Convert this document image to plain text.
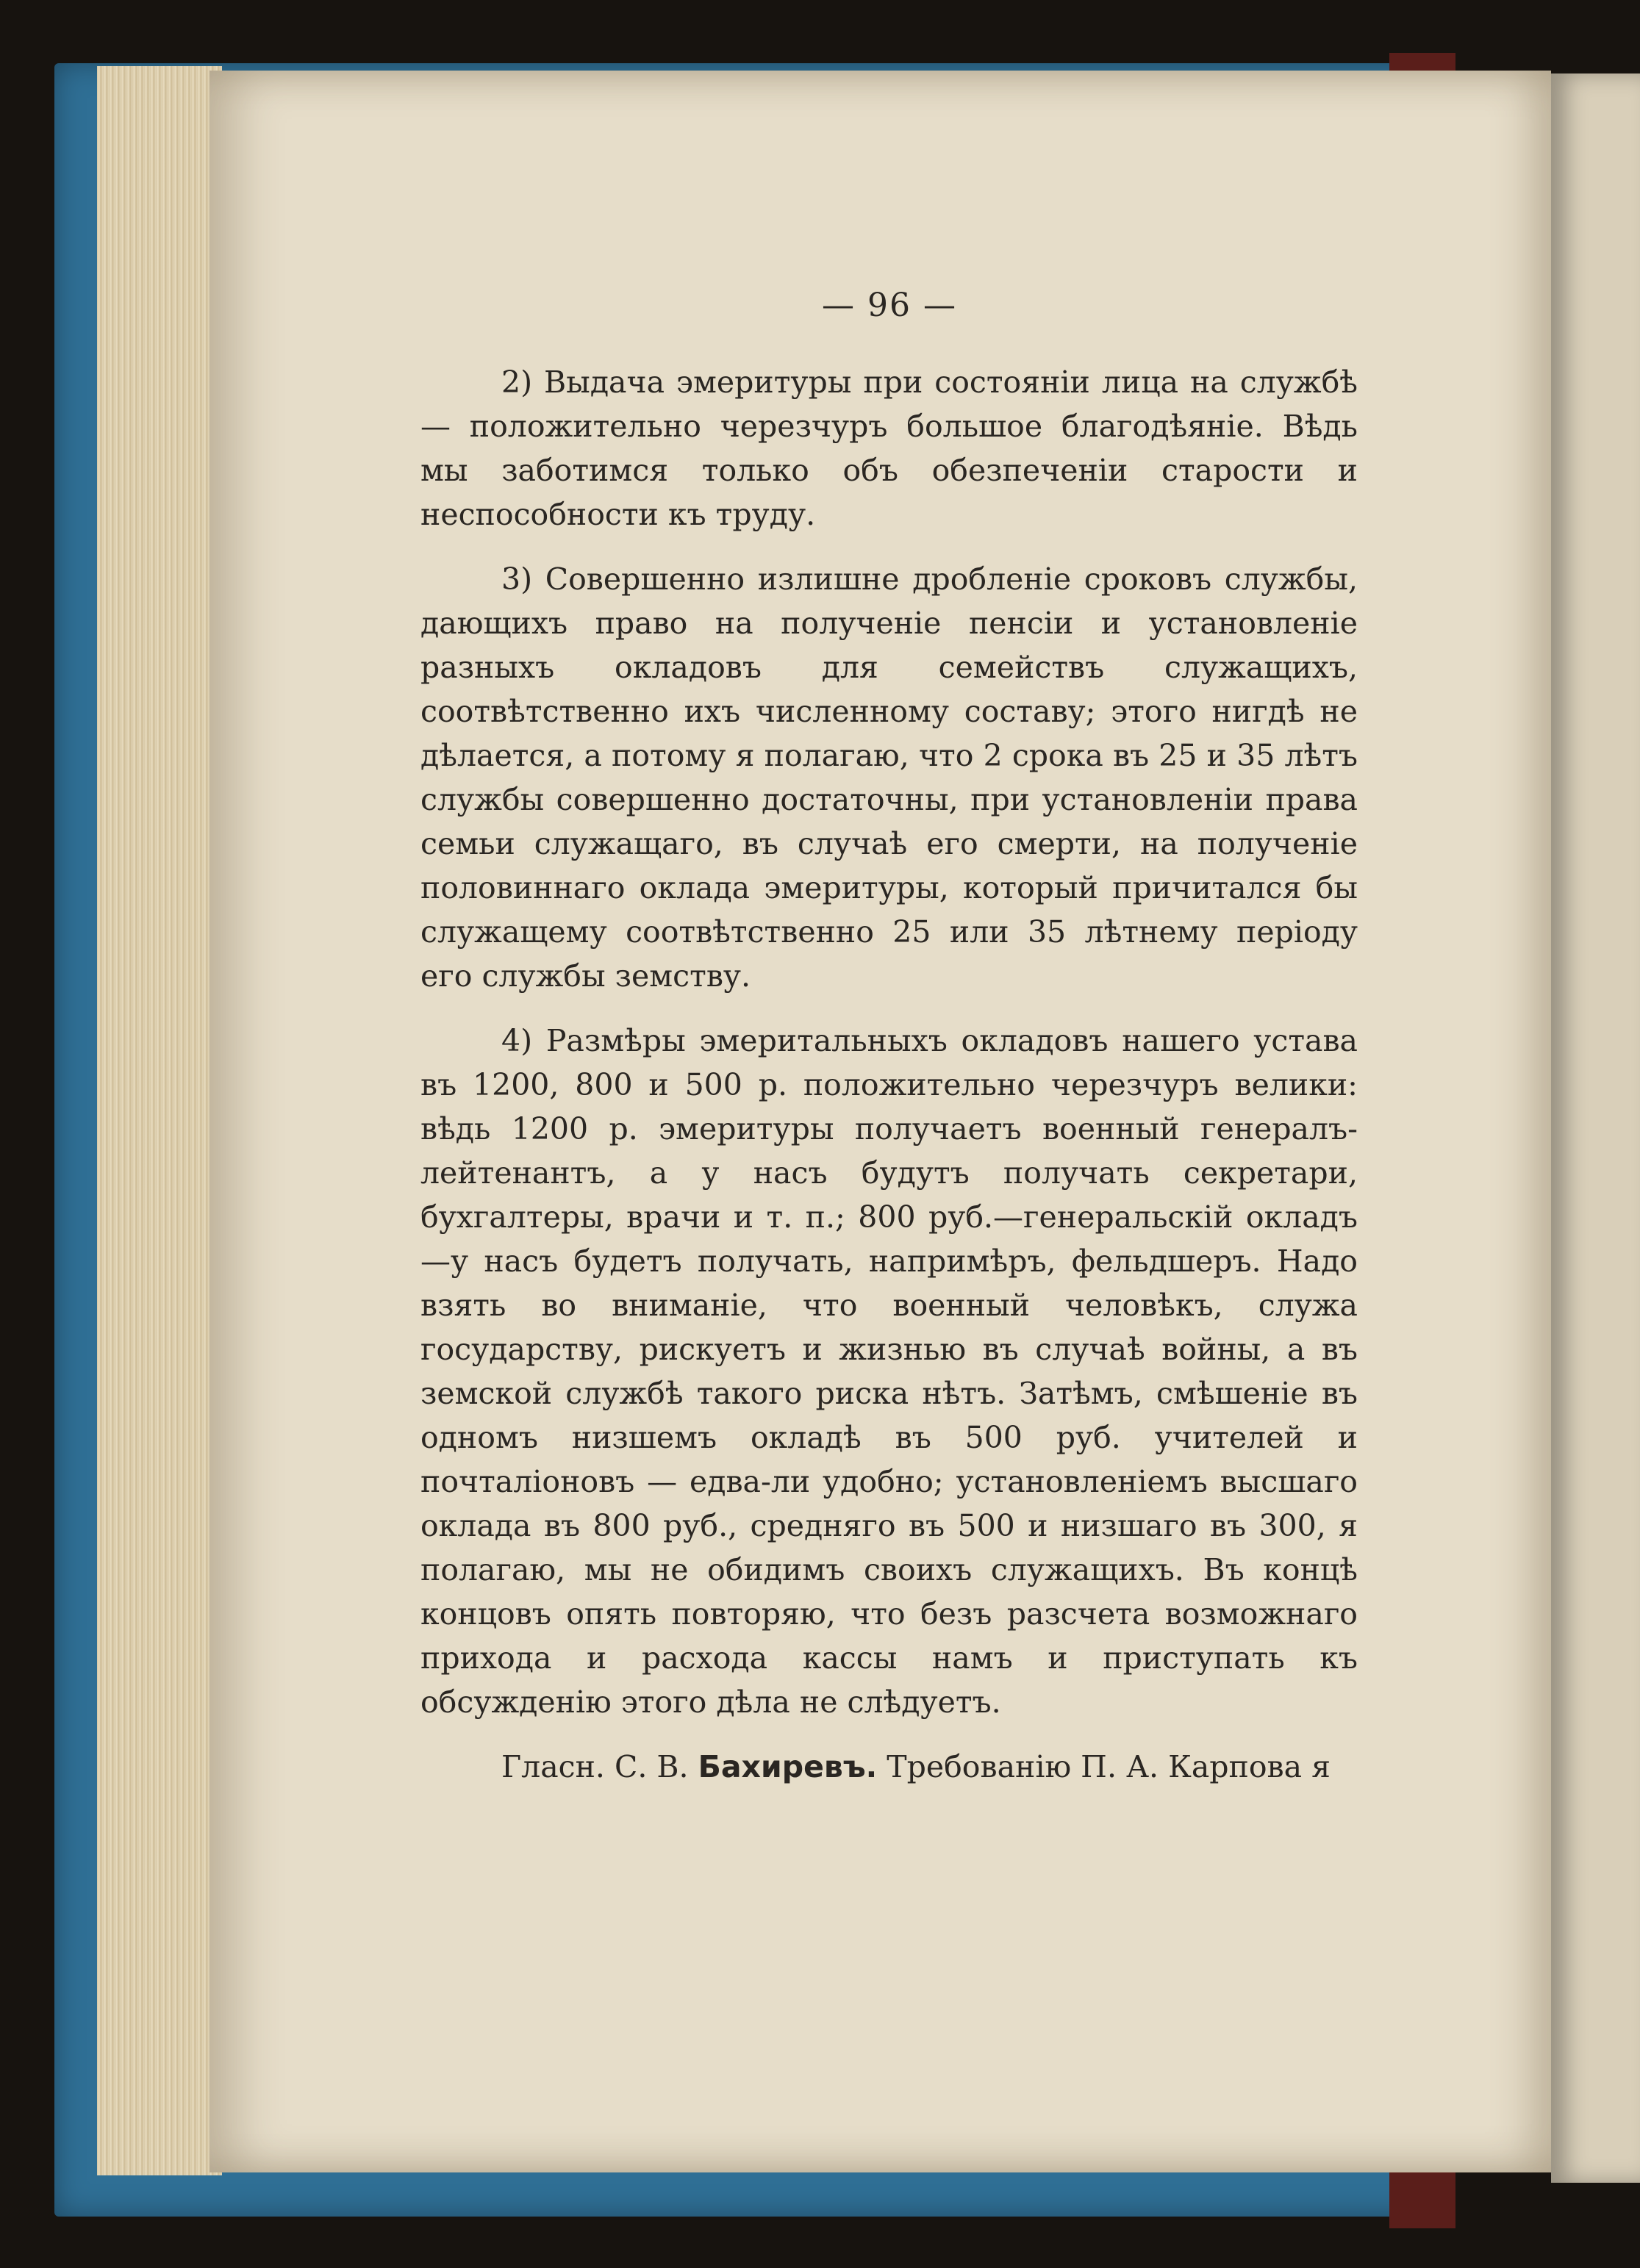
— 96 —

2) Выдача эмеритуры при состоянiи лица на службѣ— положительно черезчуръ большое благодѣянiе. Вѣдь мы заботимся только объ обезпеченiи старости и неспособности къ труду.

3) Совершенно излишне дробленiе сроковъ службы, дающихъ право на полученiе пенсiи и установленiе разныхъ окладовъ для семействъ служащихъ, соотвѣтственно ихъ численному составу; этого нигдѣ не дѣлается, а потому я полагаю, что 2 срока въ 25 и 35 лѣтъ службы совершенно достаточны, при установленiи права семьи служащаго, въ случаѣ его смерти, на полученiе половиннаго оклада эмеритуры, который причитался бы служащему соотвѣтственно 25 или 35 лѣтнему перiоду его службы земству.

4) Размѣры эмеритальныхъ окладовъ нашего устава въ 1200, 800 и 500 р. положительно черезчуръ велики: вѣдь 1200 р. эмеритуры получаетъ военный генералъ-лейтенантъ, а у насъ будутъ получать секретари, бухгалтеры, врачи и т. п.; 800 руб.—генеральскiй окладъ—у насъ будетъ получать, напримѣръ, фельдшеръ. Надо взять во вниманiе, что военный человѣкъ, служа государству, рискуетъ и жизнью въ случаѣ войны, а въ земской службѣ такого риска нѣтъ. Затѣмъ, смѣшенiе въ одномъ низшемъ окладѣ въ 500 руб. учителей и почталiоновъ — едва-ли удобно; установленiемъ высшаго оклада въ 800 руб., средняго въ 500 и низшаго въ 300, я полагаю, мы не обидимъ своихъ служащихъ. Въ концѣ концовъ опять повторяю, что безъ разсчета возможнаго прихода и расхода кассы намъ и приступать къ обсужденiю этого дѣла не слѣдуетъ.

Гласн. С. В. Бахиревъ. Требованiю П. А. Карпова я
